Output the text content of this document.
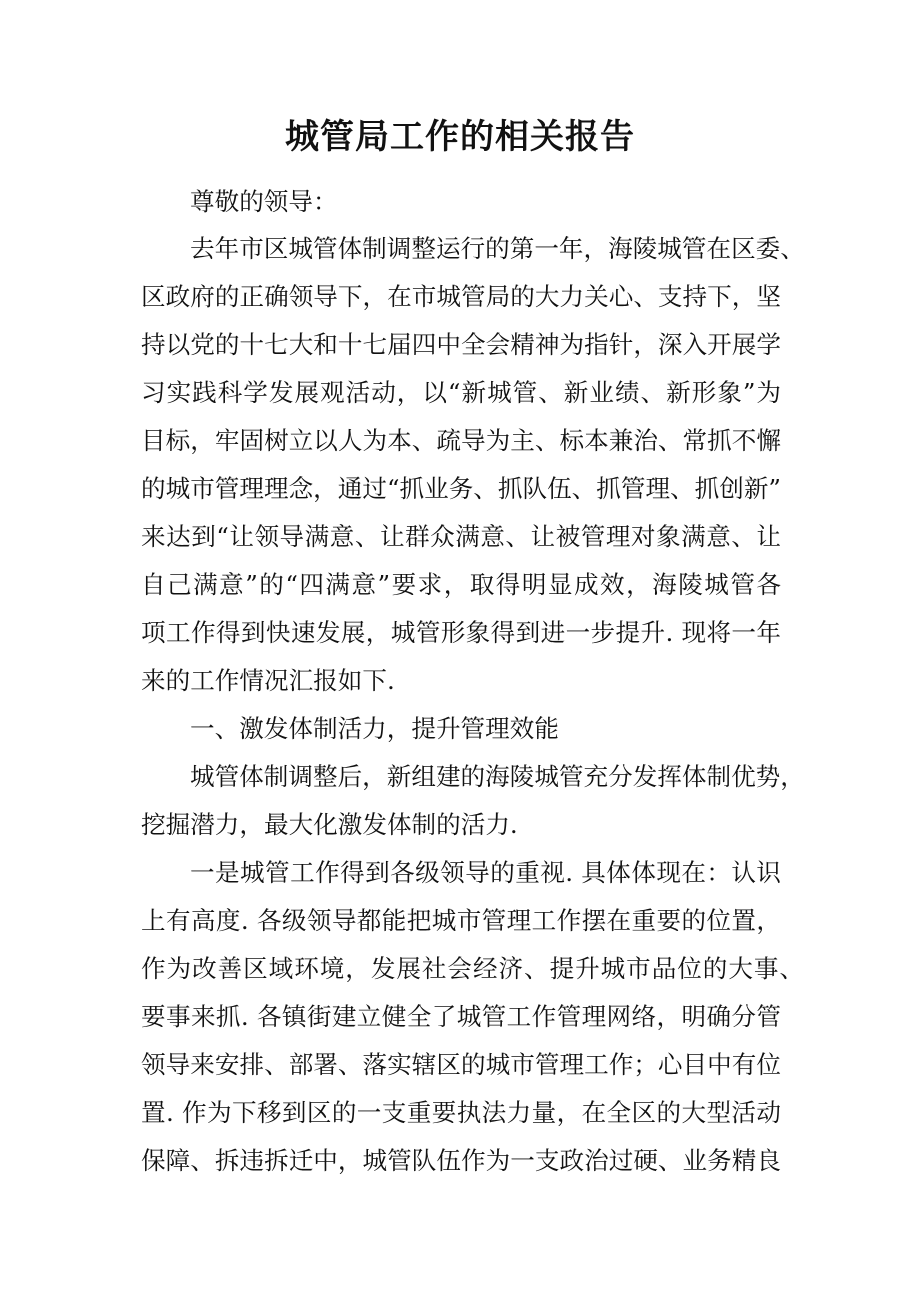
城管局工作的相关报告
尊敬的领导：
去年市区城管体制调整运行的第一年，海陵城管在区委、
区政府的正确领导下，在市城管局的大力关心、支持下，坚
持以党的十七大和十七届四中全会精神为指针，深入开展学
习实践科学发展观活动，以“新城管、新业绩、新形象”为
目标，牢固树立以人为本、疏导为主、标本兼治、常抓不懈
的城市管理理念，通过“抓业务、抓队伍、抓管理、抓创新”
来达到“让领导满意、让群众满意、让被管理对象满意、让
自己满意”的“四满意”要求，取得明显成效，海陵城管各
项工作得到快速发展，城管形象得到进一步提升. 现将一年
来的工作情况汇报如下.
一、激发体制活力，提升管理效能
城管体制调整后，新组建的海陵城管充分发挥体制优势，
挖掘潜力，最大化激发体制的活力.
一是城管工作得到各级领导的重视. 具体体现在：认识
上有高度. 各级领导都能把城市管理工作摆在重要的位置，
作为改善区域环境，发展社会经济、提升城市品位的大事、
要事来抓. 各镇街建立健全了城管工作管理网络，明确分管
领导来安排、部署、落实辖区的城市管理工作；心目中有位
置. 作为下移到区的一支重要执法力量，在全区的大型活动
保障、拆违拆迁中，城管队伍作为一支政治过硬、业务精良
